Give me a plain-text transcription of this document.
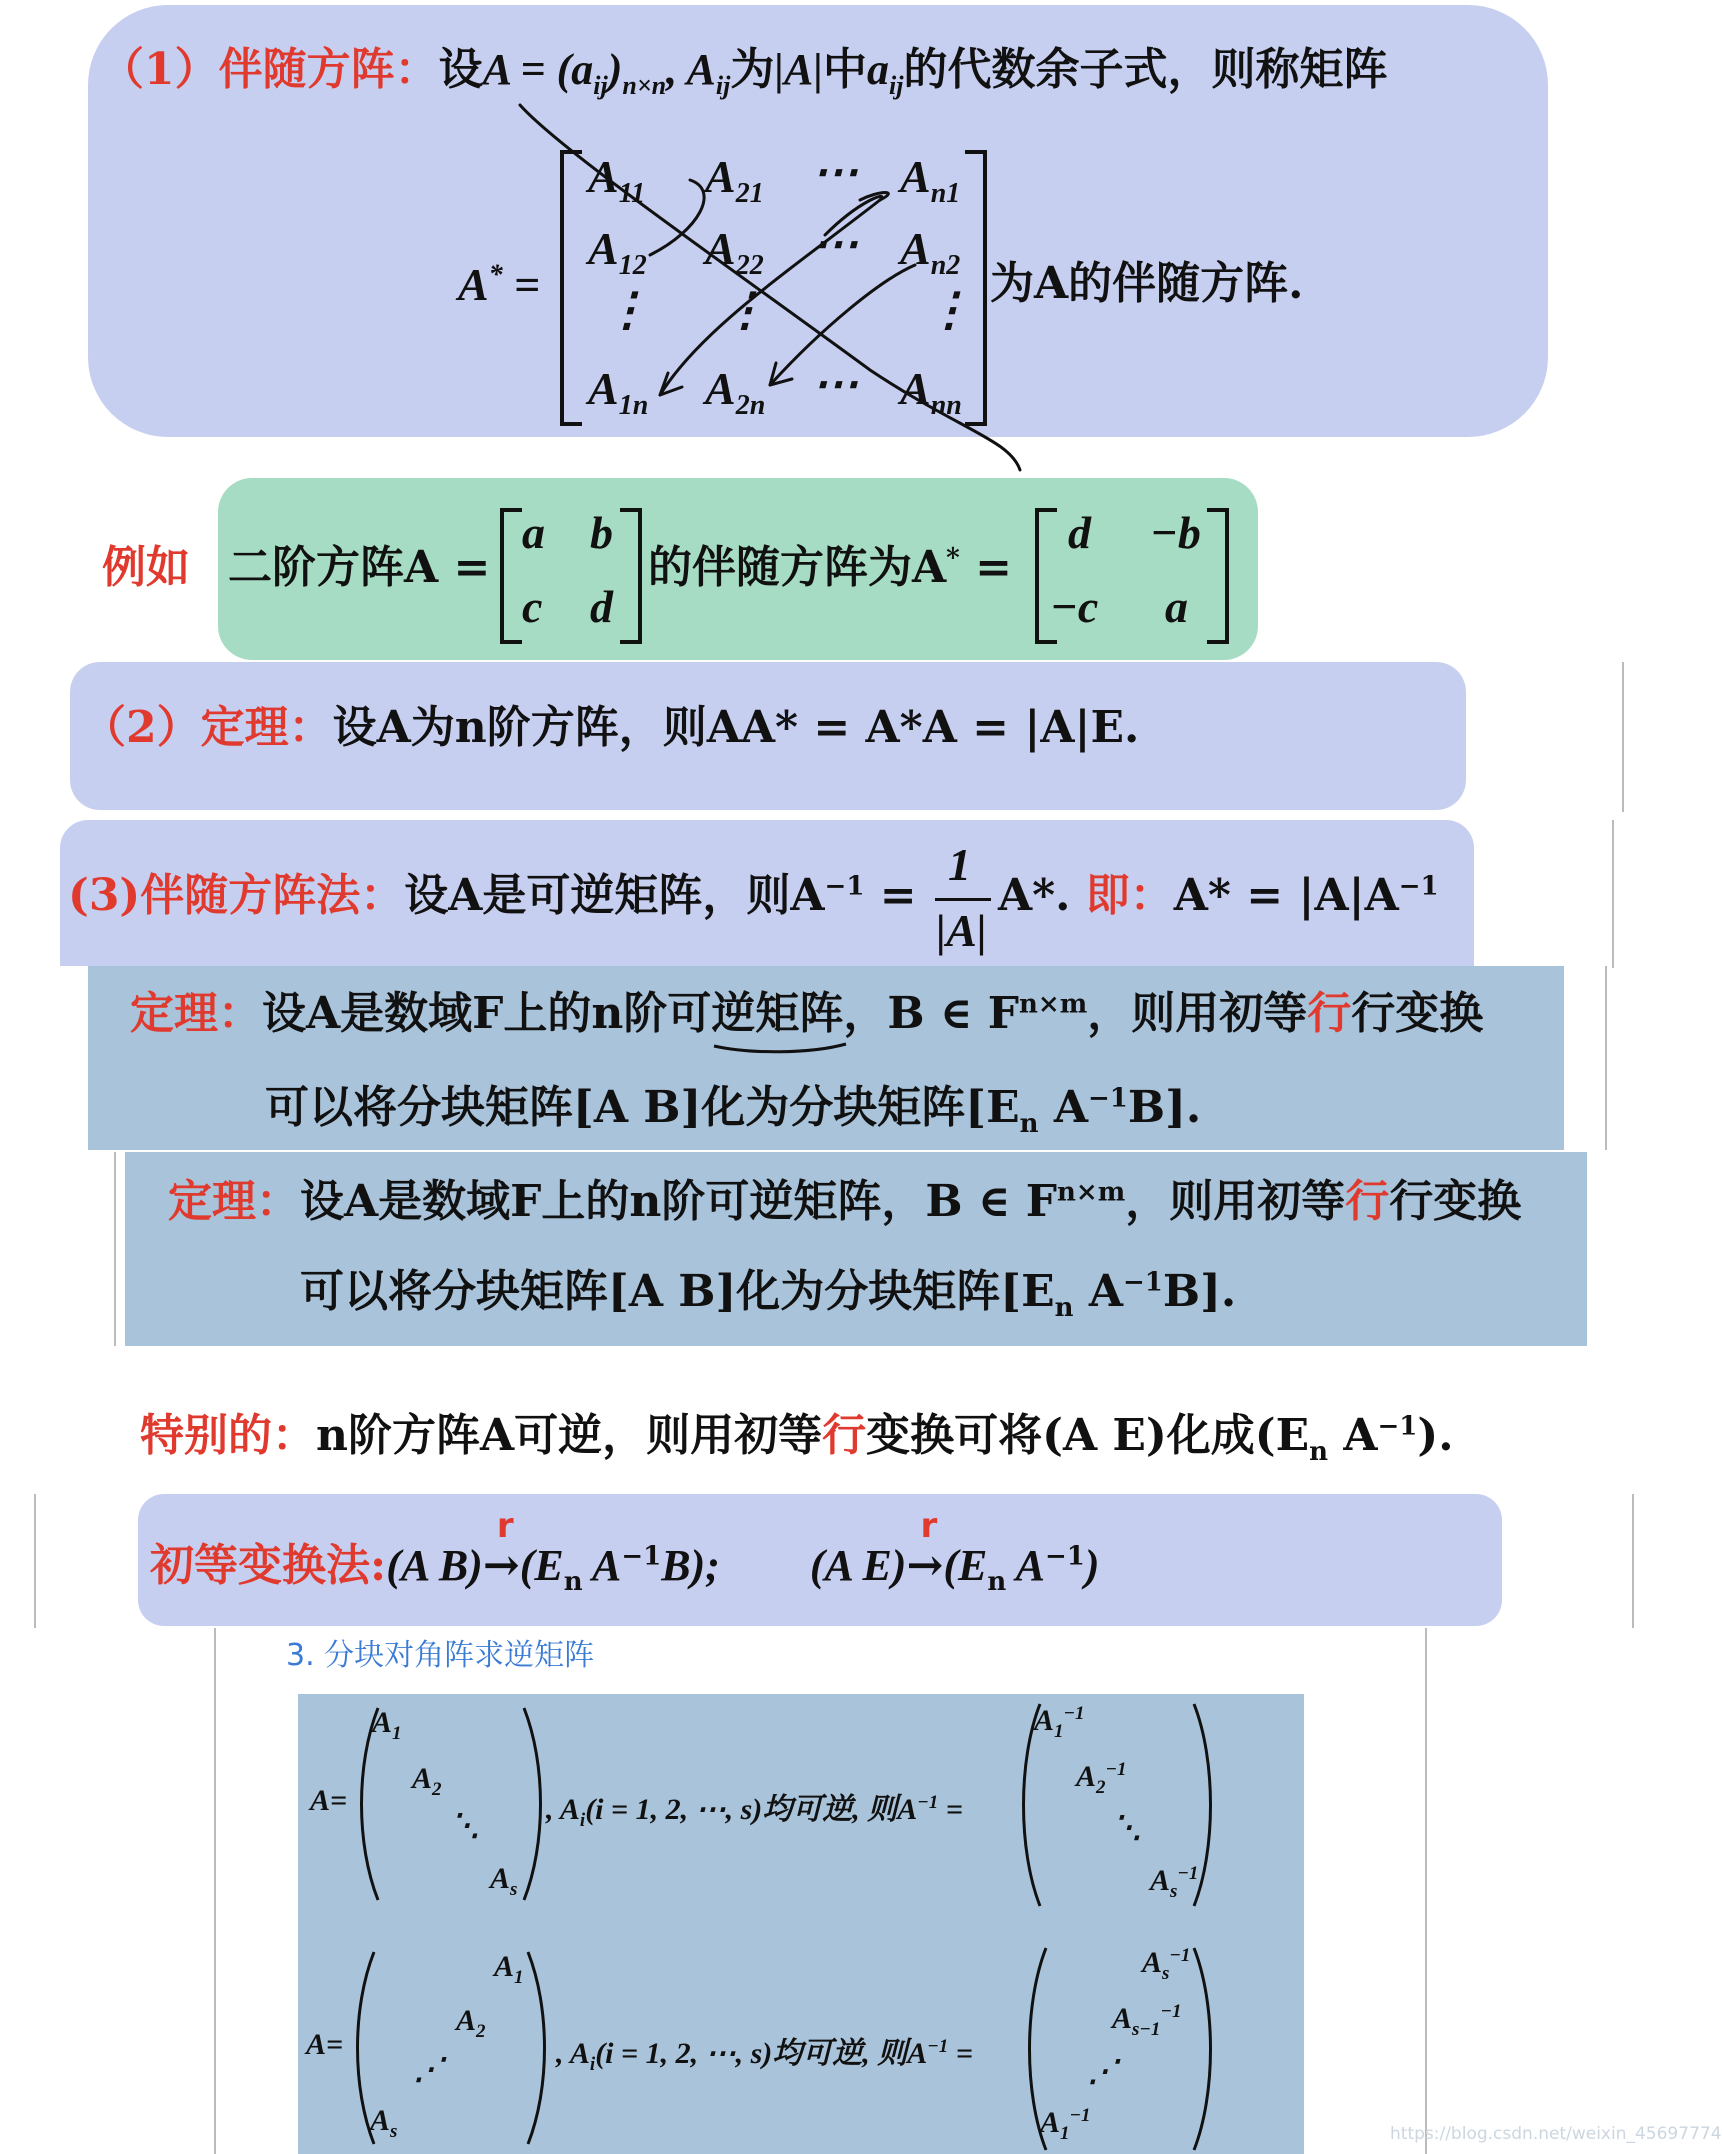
（1）伴随方阵：设$A = (a_{ij})_{n\times n}$, $A_{ij}$为|A|中$a_{ij}$的代数余子式，则称矩阵
A* =
$A_{11}$ $A_{21}$ ⋯ $A_{n1}$
$A_{12}$ $A_{22}$ ⋯ $A_{n2}$
⋮ ⋮	⋮
$A_{1n}$ $A_{2n}$ ⋯ $A_{nn}$
为A的伴随方阵.
例如 二阶方阵A =
a b
c d
的伴随方阵为A* =
d −b
−c a
（2）定理：设A为n阶方阵，则AA* = A*A = |A|E.
(3)伴随方阵法：设A是可逆矩阵，则$A^{-1}$ =
1
|A|
A*. 即：$A* = |A|A^{-1}$
定理：设A是数域F上的n阶可逆矩阵，B ∈ $F^{n\times m}$，则用初等行行变换
可以将分块矩阵[A B]化为分块矩阵[$E_n$ $A^{-1}B$].
定理：设A是数域F上的n阶可逆矩阵，B ∈ $F^{n\times m}$，则用初等行行变换
可以将分块矩阵[A B]化为分块矩阵[$E_n$ $A^{-1}B$].
特别的：n阶方阵A可逆，则用初等行变换可将(A E)化成($E_n$ $A^{-1}$).
初等变换法:(A B)
r
$\to(E_n$ $A^{-1}B$); (A E)
r
$\to(E_n$ $A^{-1}$)
3. 分块对角阵求逆矩阵
A=
$A_1$
$A_2$
⋱
$A_s$
, $A_i(i = 1$, 2, ⋯, s)均可逆, 则$A^{-1}$ =
$A_1^{-1}$
$A_2^{-1}$
⋱
$A_s^{-1}$
A=
$A_1$
$A_2$
⋰
$A_s$
, $A_i(i = 1$, 2, ⋯, s)均可逆, 则$A^{-1}$ =
$A_s^{-1}$
$A_{s-1}^{-1}$
⋰
$A_1^{-1}$
https://blog.csdn.net/weixin_45697774
